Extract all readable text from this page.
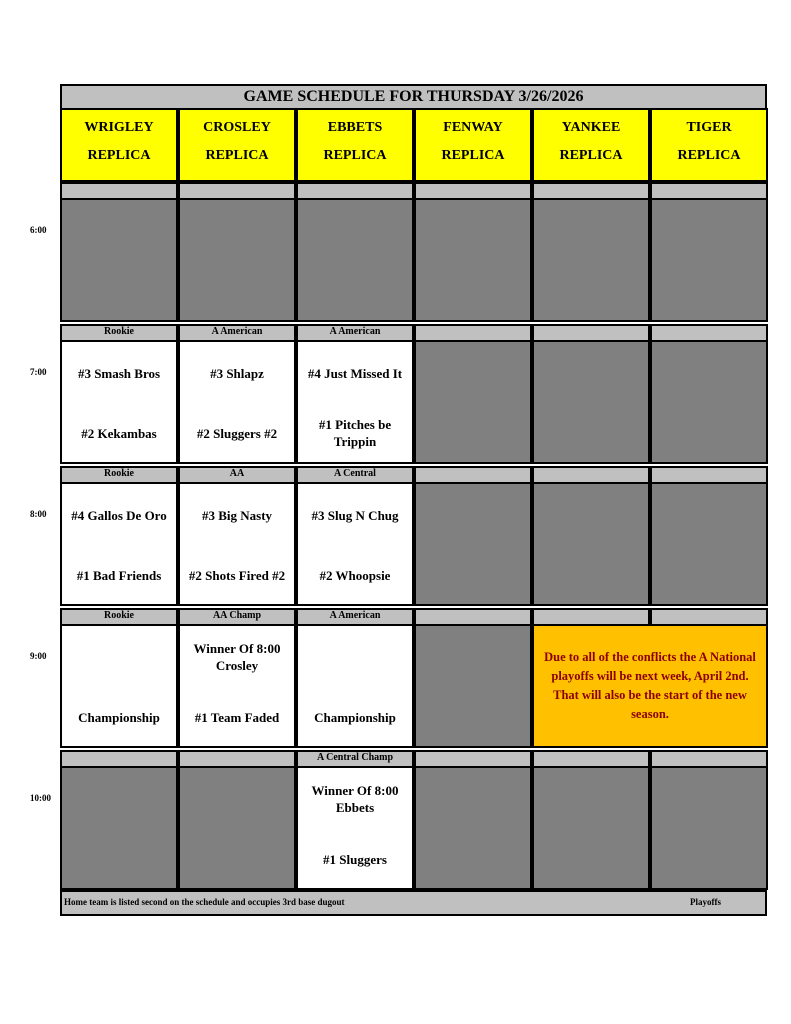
GAME SCHEDULE FOR THURSDAY 3/26/2026
WRIGLEY
REPLICA
CROSLEY
REPLICA
EBBETS
REPLICA
FENWAY
REPLICA
YANKEE
REPLICA
TIGER
REPLICA
6:00
7:00
Rookie
#3 Smash Bros
#2 Kekambas
A American
#3 Shlapz
#2 Sluggers #2
A American
#4 Just Missed It
#1 Pitches be Trippin
8:00
Rookie
#4 Gallos De Oro
#1 Bad Friends
AA
#3 Big Nasty
#2 Shots Fired #2
A Central
#3 Slug N Chug
#2 Whoopsie
9:00
Rookie
Championship
AA Champ
Winner Of 8:00 Crosley
#1 Team Faded
A American
Championship
10:00
A Central Champ
Winner Of 8:00 Ebbets
#1 Sluggers
Due to all of the conflicts the A National playoffs will be next week, April 2nd. That will also be the start of the new season.
Home team is listed second on the schedule and occupies 3rd base dugout	Playoffs
